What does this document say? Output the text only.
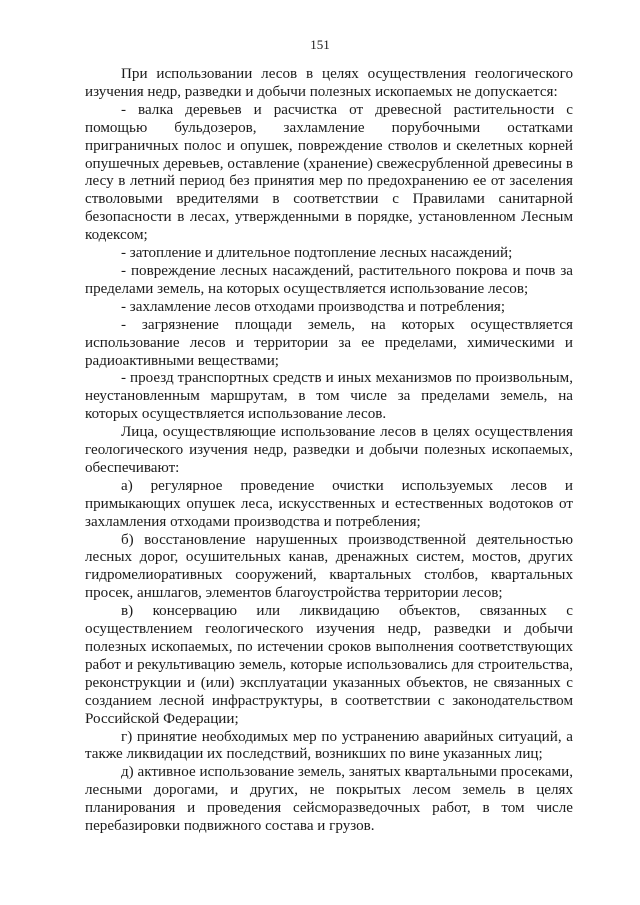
151

При использовании лесов в целях осуществления геологического изучения недр, разведки и добычи полезных ископаемых не допускается:

- валка деревьев и расчистка от древесной растительности с помощью бульдозеров, захламление порубочными остатками приграничных полос и опушек, повреждение стволов и скелетных корней опушечных деревьев, оставление (хранение) свежесрубленной древесины в лесу в летний период без принятия мер по предохранению ее от заселения стволовыми вредителями в соответствии с Правилами санитарной безопасности в лесах, утвержденными в порядке, установленном Лесным кодексом;

- затопление и длительное подтопление лесных насаждений;

- повреждение лесных насаждений, растительного покрова и почв за пределами земель, на которых осуществляется использование лесов;

- захламление лесов отходами производства и потребления;

- загрязнение площади земель, на которых осуществляется использование лесов и территории за ее пределами, химическими и радиоактивными веществами;

- проезд транспортных средств и иных механизмов по произвольным, неустановленным маршрутам, в том числе за пределами земель, на которых осуществляется использование лесов.

Лица, осуществляющие использование лесов в целях осуществления геологического изучения недр, разведки и добычи полезных ископаемых, обеспечивают:

а) регулярное проведение очистки используемых лесов и примыкающих опушек леса, искусственных и естественных водотоков от захламления отходами производства и потребления;

б) восстановление нарушенных производственной деятельностью лесных дорог, осушительных канав, дренажных систем, мостов, других гидромелиоративных сооружений, квартальных столбов, квартальных просек, аншлагов, элементов благоустройства территории лесов;

в) консервацию или ликвидацию объектов, связанных с осуществлением геологического изучения недр, разведки и добычи полезных ископаемых, по истечении сроков выполнения соответствующих работ и рекультивацию земель, которые использовались для строительства, реконструкции и (или) эксплуатации указанных объектов, не связанных с созданием лесной инфраструктуры, в соответствии с законодательством Российской Федерации;

г) принятие необходимых мер по устранению аварийных ситуаций, а также ликвидации их последствий, возникших по вине указанных лиц;

д) активное использование земель, занятых квартальными просеками, лесными дорогами, и других, не покрытых лесом земель в целях планирования и проведения сейсморазведочных работ, в том числе перебазировки подвижного состава и грузов.
